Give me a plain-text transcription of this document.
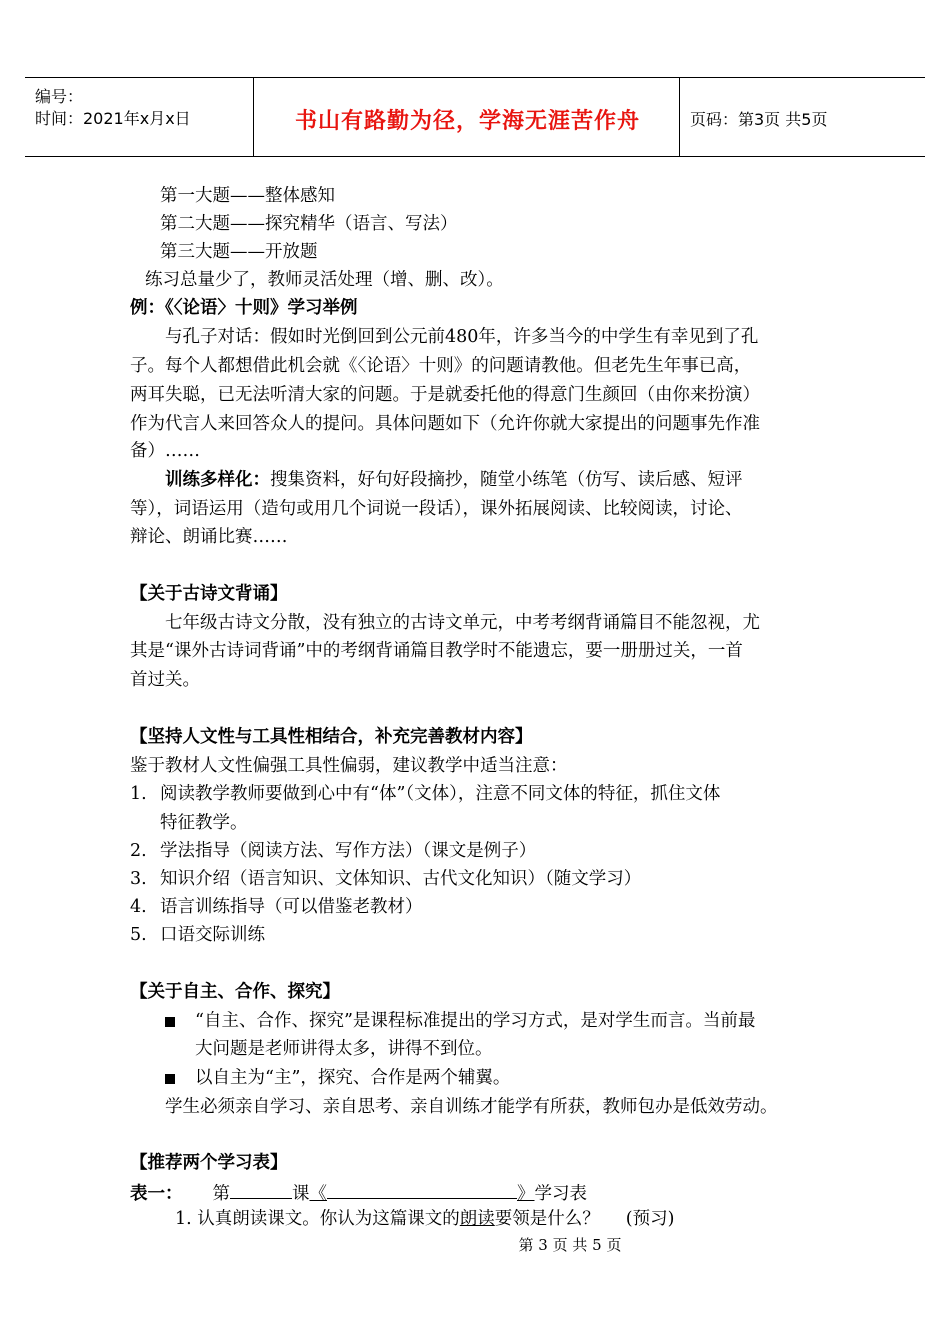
编号：
时间：2021年x月x日	书山有路勤为径，学海无涯苦作舟	页码：第3页 共5页
第一大题——整体感知
第二大题——探究精华（语言、写法）
第三大题——开放题
练习总量少了，教师灵活处理（增、删、改）。
例：《〈论语〉十则》学习举例
与孔子对话：假如时光倒回到公元前480年，许多当今的中学生有幸见到了孔
子。每个人都想借此机会就《〈论语〉十则》的问题请教他。但老先生年事已高，
两耳失聪，已无法听清大家的问题。于是就委托他的得意门生颜回（由你来扮演）
作为代言人来回答众人的提问。具体问题如下（允许你就大家提出的问题事先作准
备）……
训练多样化：搜集资料，好句好段摘抄，随堂小练笔（仿写、读后感、短评
等），词语运用（造句或用几个词说一段话），课外拓展阅读、比较阅读，讨论、
辩论、朗诵比赛……
【关于古诗文背诵】
七年级古诗文分散，没有独立的古诗文单元，中考考纲背诵篇目不能忽视，尤
其是“课外古诗词背诵”中的考纲背诵篇目教学时不能遗忘，要一册册过关，一首
首过关。
【坚持人文性与工具性相结合，补充完善教材内容】
鉴于教材人文性偏强工具性偏弱，建议教学中适当注意：
1. 阅读教学教师要做到心中有“体”（文体），注意不同文体的特征，抓住文体
特征教学。
2. 学法指导（阅读方法、写作方法）（课文是例子）
3. 知识介绍（语言知识、文体知识、古代文化知识）（随文学习）
4. 语言训练指导（可以借鉴老教材）
5. 口语交际训练
【关于自主、合作、探究】
“自主、合作、探究”是课程标准提出的学习方式，是对学生而言。当前最
大问题是老师讲得太多，讲得不到位。
以自主为“主”，探究、合作是两个辅翼。
学生必须亲自学习、亲自思考、亲自训练才能学有所获，教师包办是低效劳动。
【推荐两个学习表】
表一： 第	课《	》学习表
1. 认真朗读课文。你认为这篇课文的朗读要领是什么？ (预习)
第 3 页 共 5 页
